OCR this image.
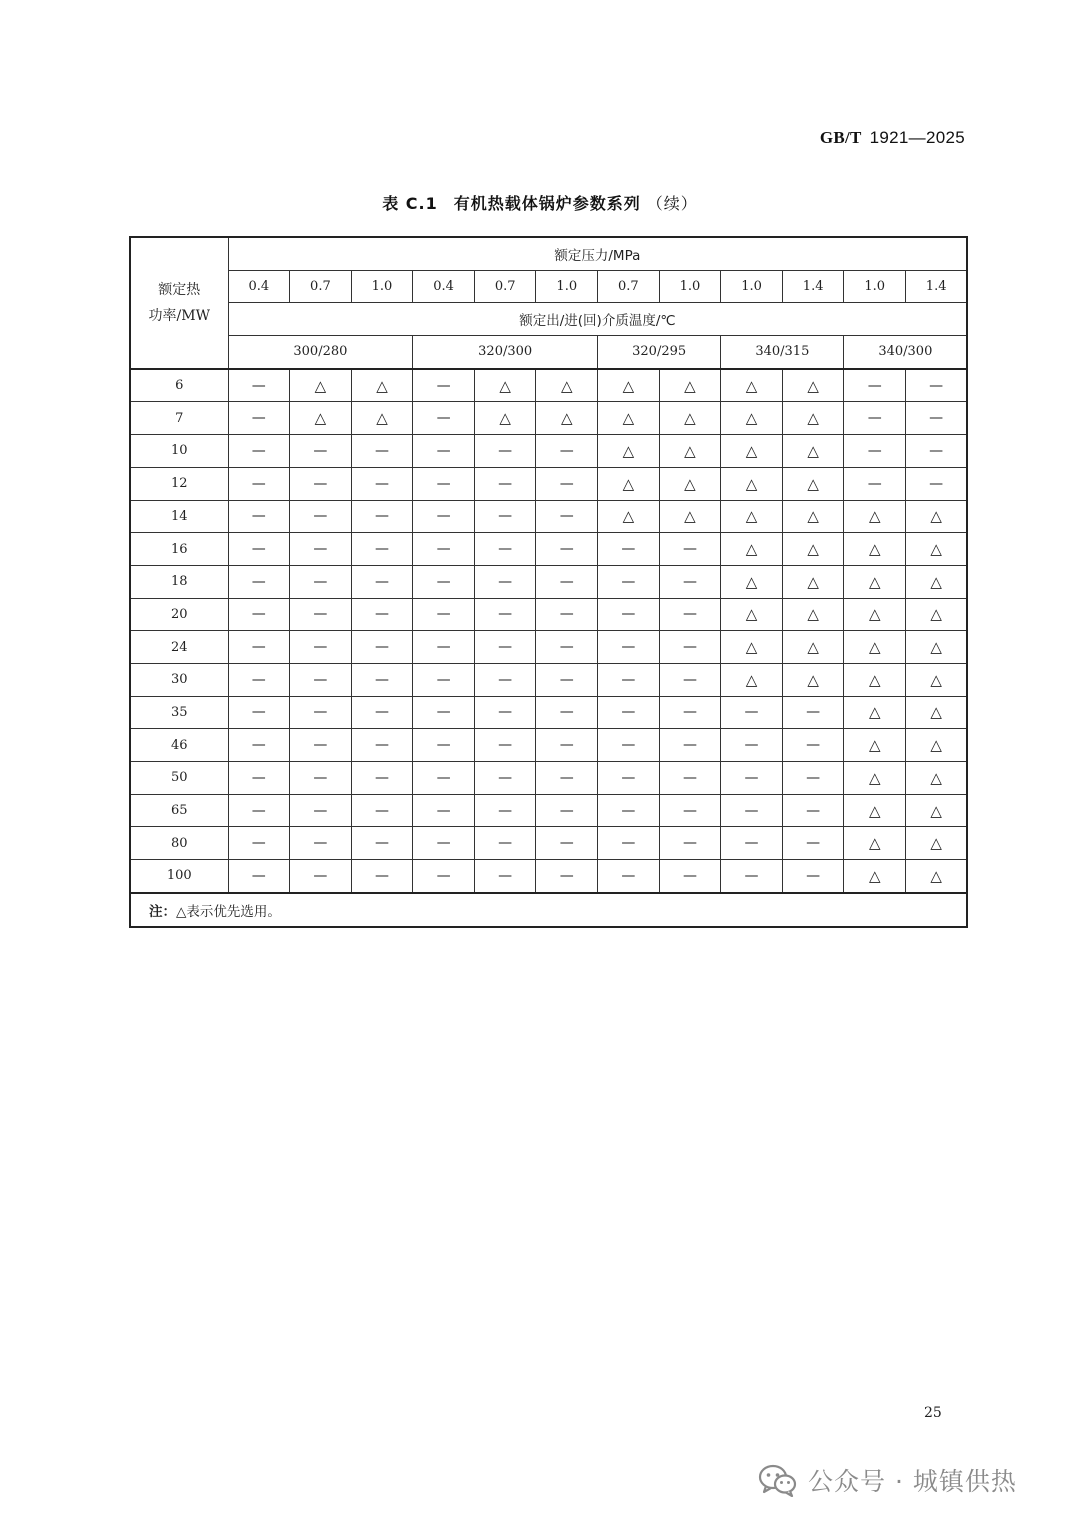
GB/T 1921—2025
表 C.1 有机热载体锅炉参数系列 （续）
额定热
功率/MW	额定压力/MPa											
	0.4	0.7	1.0	0.4	0.7	1.0	0.7	1.0	1.0	1.4	1.0	1.4
	额定出/进(回)介质温度/℃											
	300/280			320/300			320/295		340/315		340/300	
6	—	△	△	—	△	△	△	△	△	△	—	—
7	—	△	△	—	△	△	△	△	△	△	—	—
10	—	—	—	—	—	—	△	△	△	△	—	—
12	—	—	—	—	—	—	△	△	△	△	—	—
14	—	—	—	—	—	—	△	△	△	△	△	△
16	—	—	—	—	—	—	—	—	△	△	△	△
18	—	—	—	—	—	—	—	—	△	△	△	△
20	—	—	—	—	—	—	—	—	△	△	△	△
24	—	—	—	—	—	—	—	—	△	△	△	△
30	—	—	—	—	—	—	—	—	△	△	△	△
35	—	—	—	—	—	—	—	—	—	—	△	△
46	—	—	—	—	—	—	—	—	—	—	△	△
50	—	—	—	—	—	—	—	—	—	—	△	△
65	—	—	—	—	—	—	—	—	—	—	△	△
80	—	—	—	—	—	—	—	—	—	—	△	△
100	—	—	—	—	—	—	—	—	—	—	△	△
注：△表示优先选用。												
25
公众号 · 城镇供热
